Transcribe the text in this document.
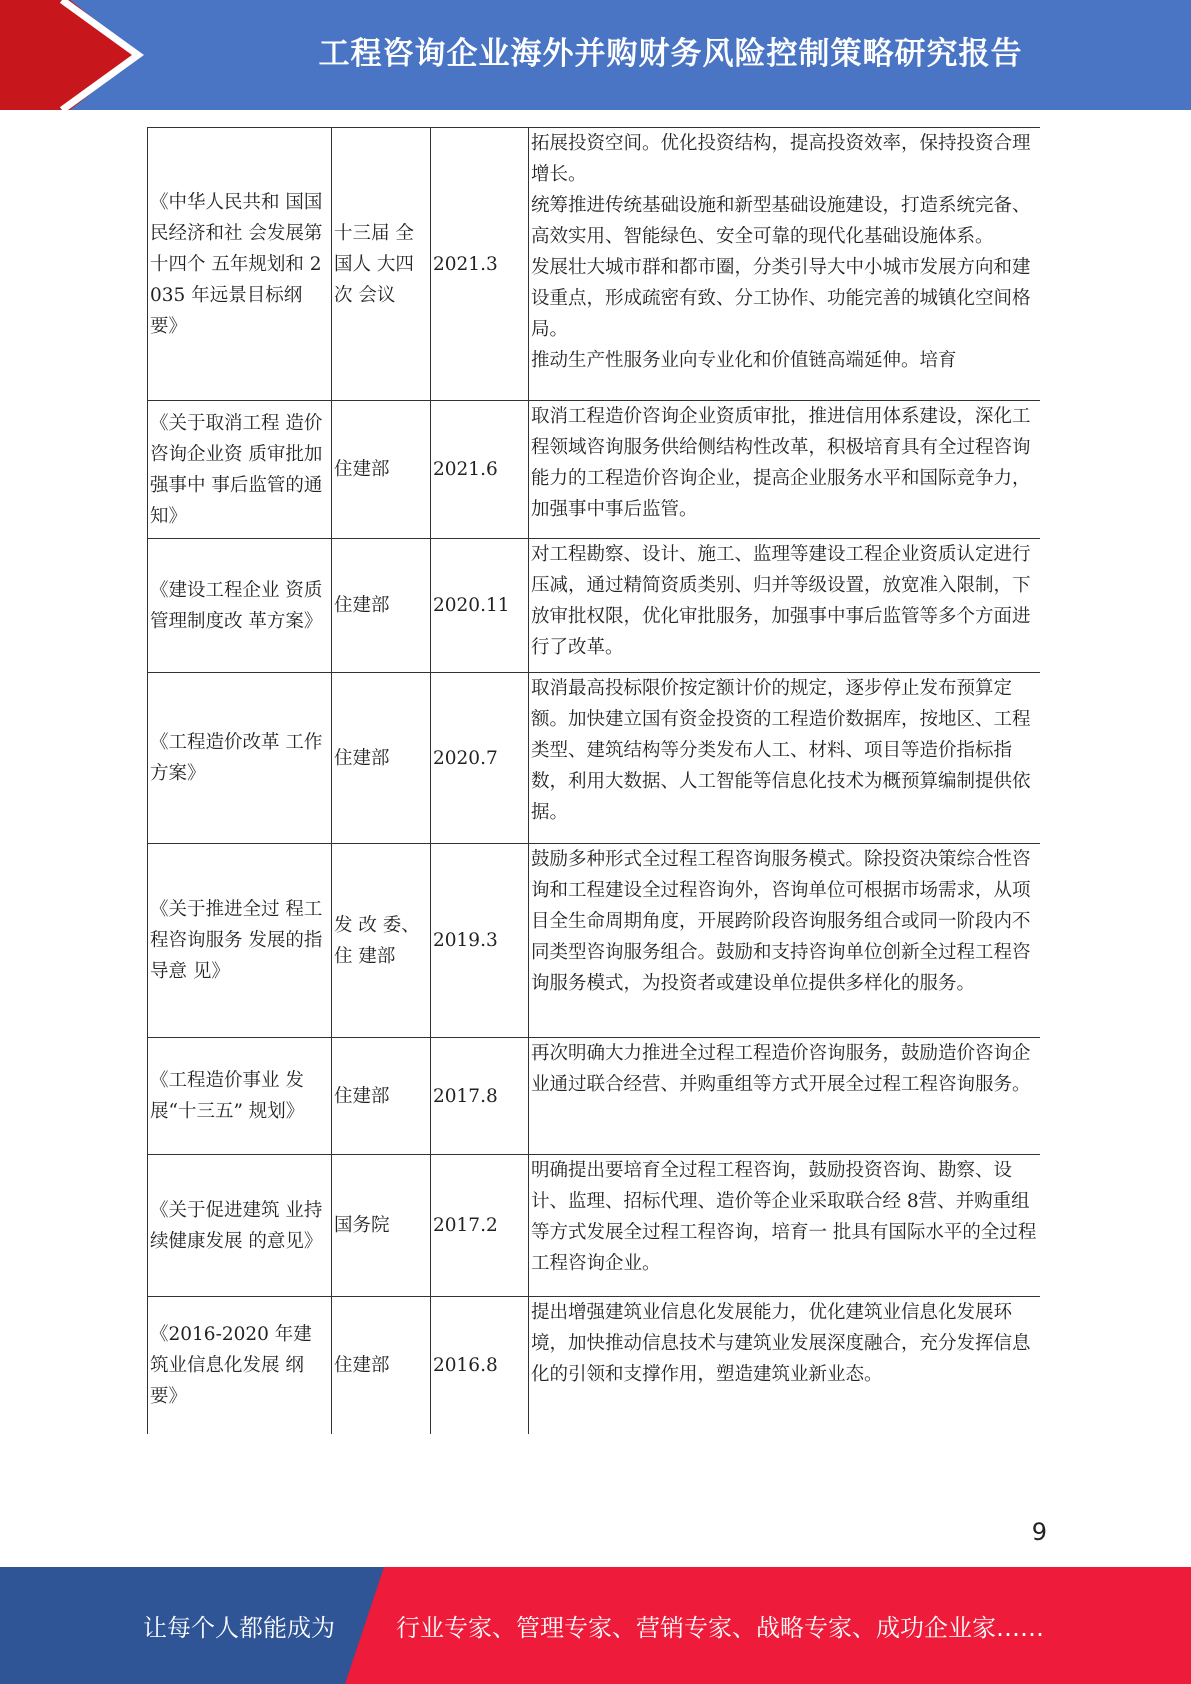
工程咨询企业海外并购财务风险控制策略研究报告
《中华人民共和 国国民经济和社 会发展第十四个 五年规划和 2035 年远景目标纲 要》	十三届 全国人 大四次 会议	2021.3	拓展投资空间。优化投资结构，提高投资效率，保持投资合理增长。
统筹推进传统基础设施和新型基础设施建设，打造系统完备、高效实用、智能绿色、安全可靠的现代化基础设施体系。
发展壮大城市群和都市圈，分类引导大中小城市发展方向和建设重点，形成疏密有致、分工协作、功能完善的城镇化空间格局。
推动生产性服务业向专业化和价值链高端延伸。培育

《关于取消工程 造价咨询企业资 质审批加强事中 事后监管的通 知》	住建部	2021.6	取消工程造价咨询企业资质审批，推进信用体系建设，深化工程领域咨询服务供给侧结构性改革，积极培育具有全过程咨询能力的工程造价咨询企业，提高企业服务水平和国际竞争力，加强事中事后监管。

《建设工程企业 资质管理制度改 革方案》	住建部	2020.11	对工程勘察、设计、施工、监理等建设工程企业资质认定进行压减，通过精简资质类别、归并等级设置，放宽准入限制，下放审批权限，优化审批服务，加强事中事后监管等多个方面进行了改革。

《工程造价改革 工作方案》	住建部	2020.7	取消最高投标限价按定额计价的规定，逐步停止发布预算定额。加快建立国有资金投资的工程造价数据库，按地区、工程类型、建筑结构等分类发布人工、材料、项目等造价指标指数，利用大数据、人工智能等信息化技术为概预算编制提供依据。

《关于推进全过 程工程咨询服务 发展的指导意 见》	发 改 委、住 建部	2019.3	鼓励多种形式全过程工程咨询服务模式。除投资决策综合性咨询和工程建设全过程咨询外，咨询单位可根据市场需求，从项目全生命周期角度，开展跨阶段咨询服务组合或同一阶段内不同类型咨询服务组合。鼓励和支持咨询单位创新全过程工程咨询服务模式，为投资者或建设单位提供多样化的服务。

《工程造价事业 发展“十三五” 规划》	住建部	2017.8	再次明确大力推进全过程工程造价咨询服务，鼓励造价咨询企业通过联合经营、并购重组等方式开展全过程工程咨询服务。

《关于促进建筑 业持续健康发展 的意见》	国务院	2017.2	明确提出要培育全过程工程咨询，鼓励投资咨询、勘察、设计、监理、招标代理、造价等企业采取联合经 8营、并购重组等方式发展全过程工程咨询，培育一 批具有国际水平的全过程工程咨询企业。

《2016-2020 年建 筑业信息化发展 纲要》	住建部	2016.8	提出增强建筑业信息化发展能力，优化建筑业信息化发展环境，加快推动信息技术与建筑业发展深度融合，充分发挥信息化的引领和支撑作用，塑造建筑业新业态。
9
让每个人都能成为	行业专家、管理专家、营销专家、战略专家、成功企业家……
